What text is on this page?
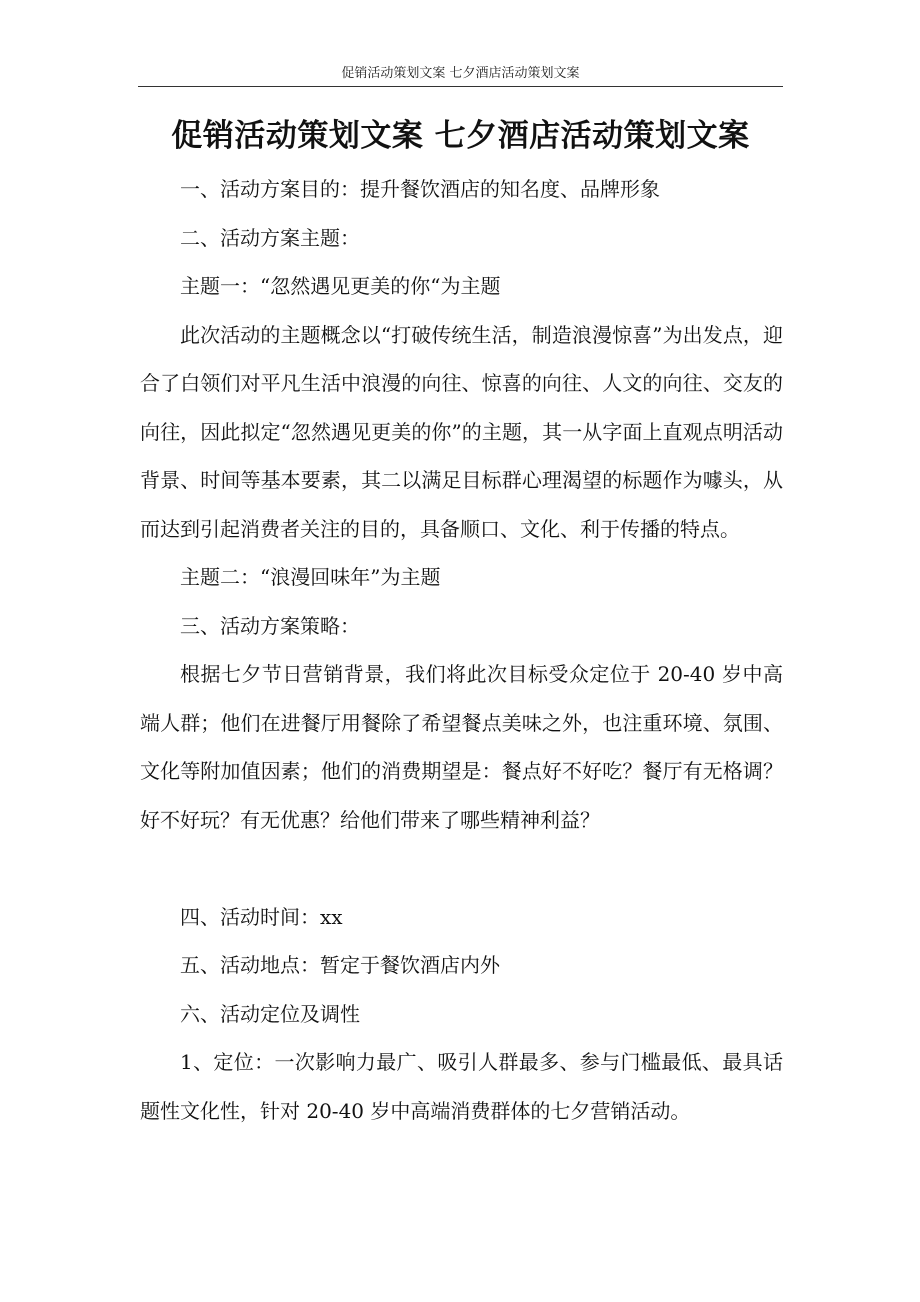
促销活动策划文案 七夕酒店活动策划文案
促销活动策划文案 七夕酒店活动策划文案

一、活动方案目的：提升餐饮酒店的知名度、品牌形象

二、活动方案主题：

主题一：“忽然遇见更美的你“为主题

此次活动的主题概念以“打破传统生活，制造浪漫惊喜”为出发点，迎合了白领们对平凡生活中浪漫的向往、惊喜的向往、人文的向往、交友的向往，因此拟定“忽然遇见更美的你”的主题，其一从字面上直观点明活动背景、时间等基本要素，其二以满足目标群心理渴望的标题作为噱头，从而达到引起消费者关注的目的，具备顺口、文化、利于传播的特点。

主题二：“浪漫回味年”为主题

三、活动方案策略：

根据七夕节日营销背景，我们将此次目标受众定位于 20-40 岁中高端人群；他们在进餐厅用餐除了希望餐点美味之外，也注重环境、氛围、文化等附加值因素；他们的消费期望是：餐点好不好吃？餐厅有无格调？好不好玩？有无优惠？给他们带来了哪些精神利益？

四、活动时间：xx

五、活动地点：暂定于餐饮酒店内外

六、活动定位及调性

1、定位：一次影响力最广、吸引人群最多、参与门槛最低、最具话题性文化性，针对 20-40 岁中高端消费群体的七夕营销活动。
